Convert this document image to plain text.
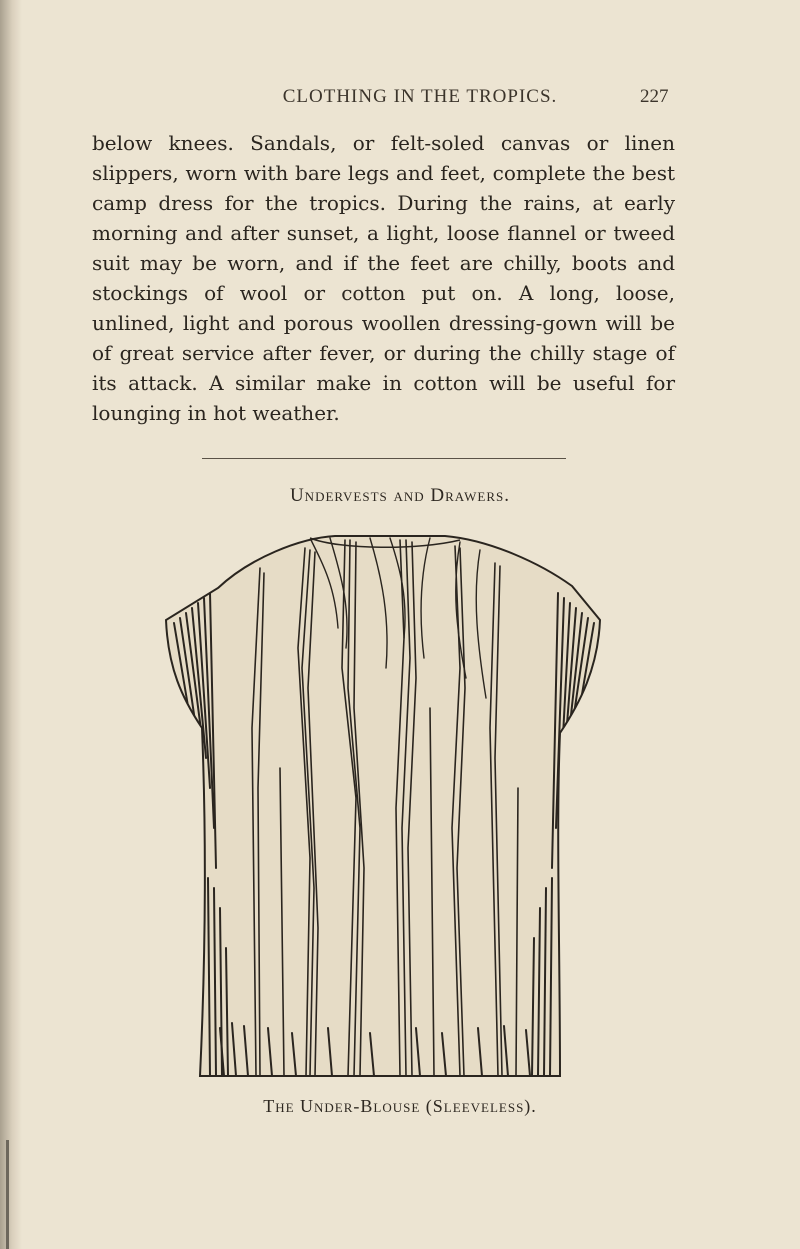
CLOTHING IN THE TROPICS.	227

below knees. Sandals, or felt-soled canvas or linen slippers, worn with bare legs and feet, complete the best camp dress for the tropics. During the rains, at early morning and after sunset, a light, loose flannel or tweed suit may be worn, and if the feet are chilly, boots and stockings of wool or cotton put on. A long, loose, unlined, light and porous woollen dressing-gown will be of great service after fever, or during the chilly stage of its attack. A similar make in cotton will be useful for lounging in hot weather.

Undervests and Drawers.
The Under-Blouse (Sleeveless).
